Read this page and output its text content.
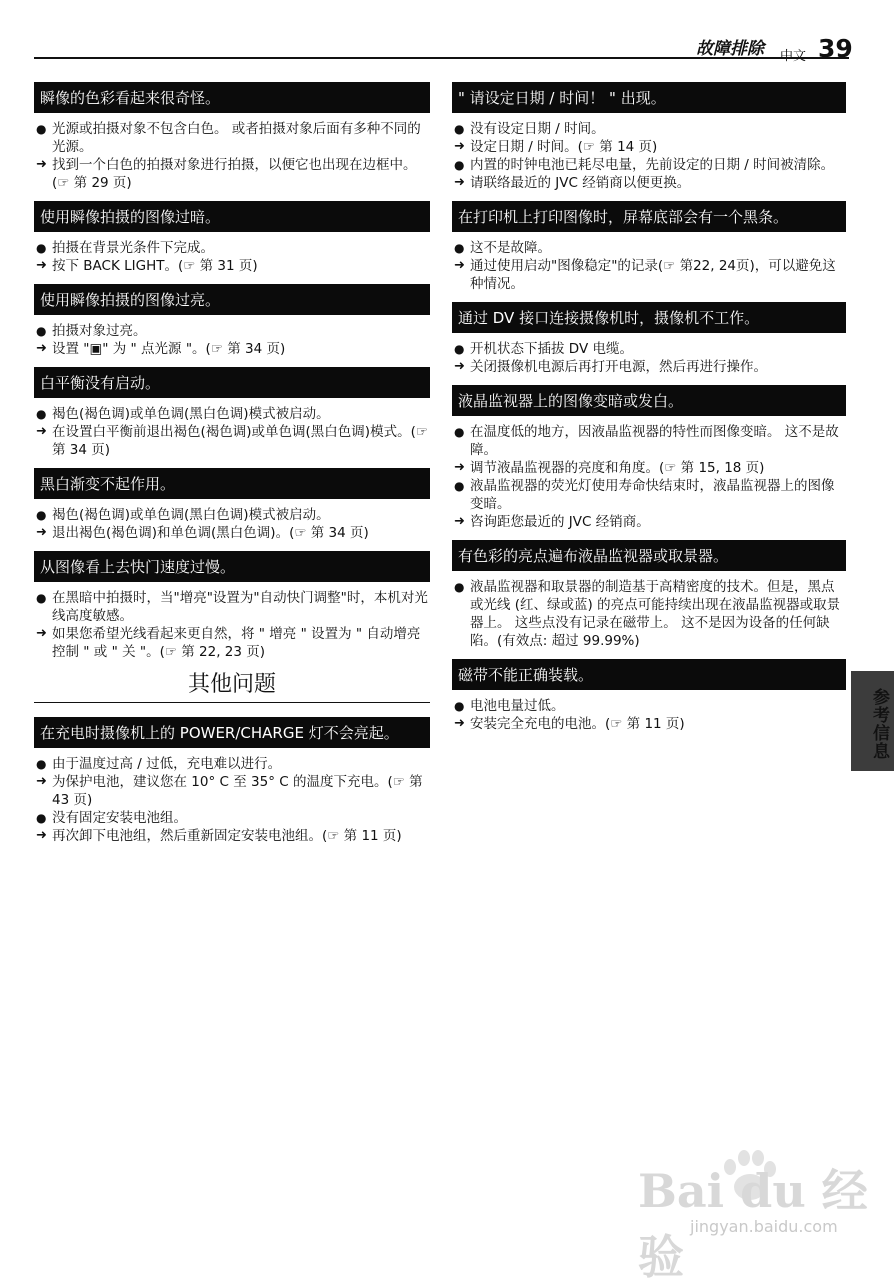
故障排除 中文 39
瞬像的色彩看起来很奇怪。
● 光源或拍摄对象不包含白色。 或者拍摄对象后面有多种不同的光源。
➜ 找到一个白色的拍摄对象进行拍摄，以便它也出现在边框中。(☞ 第 29 页)
使用瞬像拍摄的图像过暗。
● 拍摄在背景光条件下完成。
➜ 按下 BACK LIGHT。(☞ 第 31 页)
使用瞬像拍摄的图像过亮。
● 拍摄对象过亮。
➜ 设置 "▣" 为 " 点光源 "。(☞ 第 34 页)
白平衡没有启动。
● 褐色(褐色调)或单色调(黑白色调)模式被启动。
➜ 在设置白平衡前退出褐色(褐色调)或单色调(黑白色调)模式。(☞ 第 34 页)
黑白渐变不起作用。
● 褐色(褐色调)或单色调(黑白色调)模式被启动。
➜ 退出褐色(褐色调)和单色调(黑白色调)。(☞ 第 34 页)
从图像看上去快门速度过慢。
● 在黑暗中拍摄时，当"增亮"设置为"自动快门调整"时，本机对光线高度敏感。
➜ 如果您希望光线看起来更自然，将 " 增亮 " 设置为 " 自动增亮控制 " 或 " 关 "。(☞ 第 22, 23 页)
其他问题
在充电时摄像机上的 POWER/CHARGE 灯不会亮起。
● 由于温度过高 / 过低，充电难以进行。
➜ 为保护电池，建议您在 10° C 至 35° C 的温度下充电。(☞ 第 43 页)
● 没有固定安装电池组。
➜ 再次卸下电池组，然后重新固定安装电池组。(☞ 第 11 页)
" 请设定日期 / 时间！ " 出现。
● 没有设定日期 / 时间。
➜ 设定日期 / 时间。(☞ 第 14 页)
● 内置的时钟电池已耗尽电量，先前设定的日期 / 时间被清除。
➜ 请联络最近的 JVC 经销商以便更换。
在打印机上打印图像时，屏幕底部会有一个黑条。
● 这不是故障。
➜ 通过使用启动"图像稳定"的记录(☞ 第22, 24页)，可以避免这种情况。
通过 DV 接口连接摄像机时，摄像机不工作。
● 开机状态下插拔 DV 电缆。
➜ 关闭摄像机电源后再打开电源，然后再进行操作。
液晶监视器上的图像变暗或发白。
● 在温度低的地方，因液晶监视器的特性而图像变暗。 这不是故障。
➜ 调节液晶监视器的亮度和角度。(☞ 第 15, 18 页)
● 液晶监视器的荧光灯使用寿命快结束时，液晶监视器上的图像变暗。
➜ 咨询距您最近的 JVC 经销商。
有色彩的亮点遍布液晶监视器或取景器。
● 液晶监视器和取景器的制造基于高精密度的技术。但是，黑点或光线 (红、绿或蓝) 的亮点可能持续出现在液晶监视器或取景器上。 这些点没有记录在磁带上。 这不是因为设备的任何缺陷。(有效点: 超过 99.99%)
磁带不能正确装载。
● 电池电量过低。
➜ 安装完全充电的电池。(☞ 第 11 页)	参考信息
Bai du 经验
jingyan.baidu.com
